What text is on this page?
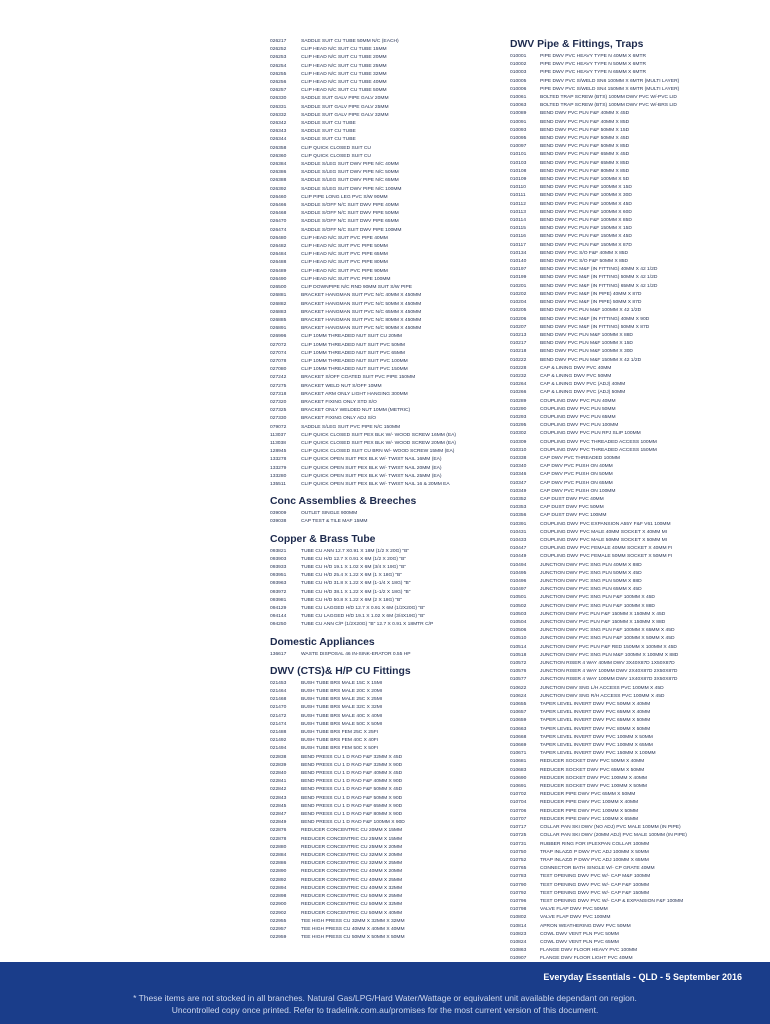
026217	SADDLE SUIT CU TUBE 50MM N/C (EACH)
026252	CLIP HEAD N/C SUIT CU TUBE 15MM
026253	CLIP HEAD N/C SUIT CU TUBE 20MM
026254	CLIP HEAD N/C SUIT CU TUBE 25MM
026255	CLIP HEAD N/C SUIT CU TUBE 32MM
026256	CLIP HEAD N/C SUIT CU TUBE 40MM
026257	CLIP HEAD N/C SUIT CU TUBE 50MM
026330	SADDLE SUIT GALV PIPE GALV 20MM
026331	SADDLE SUIT GALV PIPE GALV 25MM
026332	SADDLE SUIT GALV PIPE GALV 32MM
026342	SADDLE SUIT CU TUBE
026343	SADDLE SUIT CU TUBE
026344	SADDLE SUIT CU TUBE
026358	CLIP QUICK CLOSED SUIT CU
026360	CLIP QUICK CLOSED SUIT CU
026384	SADDLE S/LEG SUIT DWV PIPE N/C 40MM
026386	SADDLE S/LEG SUIT DWV PIPE N/C 50MM
026388	SADDLE S/LEG SUIT DWV PIPE N/C 65MM
026392	SADDLE S/LEG SUIT DWV PIPE N/C 100MM
026460	CLIP PIPE LONG LEG PVC S/W 90MM
026466	SADDLE S/OFF N/C SUIT DWV PIPE 40MM
026468	SADDLE S/OFF N/C SUIT DWV PIPE 50MM
026470	SADDLE S/OFF N/C SUIT DWV PIPE 65MM
026474	SADDLE S/OFF N/C SUIT DWV PIPE 100MM
026480	CLIP HEAD N/C SUIT PVC PIPE 40MM
026482	CLIP HEAD N/C SUIT PVC PIPE 50MM
026484	CLIP HEAD N/C SUIT PVC PIPE 65MM
026488	CLIP HEAD N/C SUIT PVC PIPE 80MM
026489	CLIP HEAD N/C SUIT PVC PIPE 90MM
026490	CLIP HEAD N/C SUIT PVC PIPE 100MM
026500	CLIP DOWNPIPE N/C RND 90MM SUIT S/W PIPE
026881	BRACKET HANGMAN SUIT PVC N/C 40MM X 450MM
026882	BRACKET HANGMAN SUIT PVC N/C 50MM X 450MM
026883	BRACKET HANGMAN SUIT PVC N/C 65MM X 450MM
026885	BRACKET HANGMAN SUIT PVC N/C 80MM X 450MM
026891	BRACKET HANGMAN SUIT PVC N/C 90MM X 450MM
026996	CLIP 10MM THREADED NUT SUIT CU 20MM
027072	CLIP 10MM THREADED NUT SUIT PVC 50MM
027074	CLIP 10MM THREADED NUT SUIT PVC 65MM
027078	CLIP 10MM THREADED NUT SUIT PVC 100MM
027080	CLIP 10MM THREADED NUT SUIT PVC 150MM
027242	BRACKET S/OFF COATED SUIT PVC PIPE 150MM
027275	BRACKET WELD NUT S/OFF 10MM
027318	BRACKET ARM ONLY LIGHT HANGING 300MM
027320	BRACKET FIXING ONLY STD S/O
027325	BRACKET ONLY WELDED NUT 10MM (METRIC)
027330	BRACKET FIXING ONLY ADJ S/O
079072	SADDLE S/LEG SUIT PVC PIPE N/C 150MM
113037	CLIP QUICK CLOSED SUIT PEX BLK W/- WOOD SCREW 16MM (EA)
113038	CLIP QUICK CLOSED SUIT PEX BLK W/- WOOD SCREW 20MM (EA)
128945	CLIP QUICK CLOSED SUIT CU BRN W/- WOOD SCREW 15MM (EA)
133278	CLIP QUICK OPEN SUIT PEX BLK W/- TWIST NAIL 16MM (EA)
133279	CLIP QUICK OPEN SUIT PEX BLK W/- TWIST NAIL 20MM (EA)
133280	CLIP QUICK OPEN SUIT PEX BLK W/- TWIST NAIL 25MM (EA)
135511	CLIP QUICK OPEN SUIT PEX BLK W/- TWIST NAIL 16 & 20MM EA
Conc Assemblies & Breeches
039009	OUTLET SINGLE 900MM
039038	CAP TEST & TILE MAF 15MM
Copper & Brass Tube
093821	TUBE CU ANN 12.7 X0.91 X 18M (1/2 X 20G) "B"
093903	TUBE CU H/D 12.7 X 0.91 X 6M (1/2 X 20G) "B"
093933	TUBE CU H/D 19.1 X 1.02 X 6M (3/4 X 19G) "B"
093951	TUBE CU H/D 25.4 X 1.22 X 6M (1 X 18G) "B"
093963	TUBE CU H/D 31.8 X 1.22 X 6M (1-1/4 X 18G) "B"
093972	TUBE CU H/D 38.1 X 1.22 X 6M (1-1/2 X 18G) "B"
093981	TUBE CU H/D 50.8 X 1.22 X 6M (2 X 18G) "B"
094129	TUBE CU LAGGED H/D 12.7 X 0.91 X 6M (1/2X20G) "B"
094144	TUBE CU LAGGED H/D 19.1 X 1.02 X 6M (3/4X19G) "B"
094250	TUBE CU ANN C/P (1/2X20G) "B" 12.7 X 0.91 X 18MTR C/P
Domestic Appliances
136617	WASTE DISPOSAL 46 IN-SINK-ERATOR 0.55 HP
DWV (CTS)& H/P CU Fittings
021453	BUSH TUBE BRS MALE 15C X 15MI
021464	BUSH TUBE BRS MALE 20C X 20MI
021468	BUSH TUBE BRS MALE 25C X 25MI
021470	BUSH TUBE BRS MALE 32C X 32MI
021472	BUSH TUBE BRS MALE 40C X 40MI
021474	BUSH TUBE BRS MALE 50C X 50MI
021488	BUSH TUBE BRS FEM 25C X 25FI
021492	BUSH TUBE BRS FEM 40C X 40FI
021494	BUSH TUBE BRS FEM 50C X 50FI
022838	BEND PRESS CU 1 D RAD F&F 32MM X 45D
022839	BEND PRESS CU 1 D RAD F&F 32MM X 90D
022840	BEND PRESS CU 1 D RAD F&F 40MM X 45D
022841	BEND PRESS CU 1 D RAD F&F 40MM X 90D
022842	BEND PRESS CU 1 D RAD F&F 50MM X 45D
022843	BEND PRESS CU 1 D RAD F&F 50MM X 90D
022845	BEND PRESS CU 1 D RAD F&F 65MM X 90D
022847	BEND PRESS CU 1 D RAD F&F 80MM X 90D
022849	BEND PRESS CU 1 D RAD F&F 100MM X 90D
022876	REDUCER CONCENTRIC CU 20MM X 15MM
022878	REDUCER CONCENTRIC CU 25MM X 15MM
022880	REDUCER CONCENTRIC CU 25MM X 20MM
022884	REDUCER CONCENTRIC CU 32MM X 20MM
022886	REDUCER CONCENTRIC CU 32MM X 25MM
022890	REDUCER CONCENTRIC CU 40MM X 20MM
022892	REDUCER CONCENTRIC CU 40MM X 25MM
022894	REDUCER CONCENTRIC CU 40MM X 32MM
022898	REDUCER CONCENTRIC CU 50MM X 25MM
022900	REDUCER CONCENTRIC CU 50MM X 32MM
022902	REDUCER CONCENTRIC CU 50MM X 40MM
022955	TEE HIGH PRESS CU 32MM X 32MM X 32MM
022957	TEE HIGH PRESS CU 40MM X 40MM X 40MM
022959	TEE HIGH PRESS CU 50MM X 50MM X 50MM
DWV Pipe & Fittings, Traps
010001	PIPE DWV PVC HEAVY TYPE N 40MM X 6MTR
010002	PIPE DWV PVC HEAVY TYPE N 50MM X 6MTR
010003	PIPE DWV PVC HEAVY TYPE N 65MM X 6MTR
010005	PIPE DWV PVC S/WELD SN6 100MM X 6MTR (MULTI LAYER)
010006	PIPE DWV PVC S/WELD SN4 150MM X 6MTR (MULTI LAYER)
010061	BOLTED TRAP SCREW (BTS) 100MM DWV PVC W/-PVC LID
010063	BOLTED TRAP SCREW (BTS) 100MM DWV PVC W/-BRS LID
010089	BEND DWV PVC PLN F&F 40MM X 45D
010091	BEND DWV PVC PLN F&F 40MM X 85D
010093	BEND DWV PVC PLN F&F 50MM X 15D
010095	BEND DWV PVC PLN F&F 50MM X 45D
010097	BEND DWV PVC PLN F&F 50MM X 85D
010101	BEND DWV PVC PLN F&F 65MM X 45D
010103	BEND DWV PVC PLN F&F 65MM X 85D
010108	BEND DWV PVC PLN F&F 80MM X 85D
010109	BEND DWV PVC PLN F&F 100MM X 5D
010110	BEND DWV PVC PLN F&F 100MM X 15D
010111	BEND DWV PVC PLN F&F 100MM X 30D
010112	BEND DWV PVC PLN F&F 100MM X 45D
010113	BEND DWV PVC PLN F&F 100MM X 60D
010114	BEND DWV PVC PLN F&F 100MM X 85D
010115	BEND DWV PVC PLN F&F 150MM X 15D
010116	BEND DWV PVC PLN F&F 150MM X 45D
010117	BEND DWV PVC PLN F&F 150MM X 87D
010134	BEND DWV PVC S/O F&F 40MM X 85D
010140	BEND DWV PVC S/O F&F 50MM X 85D
010197	BEND DWV PVC M&F (IN FITTING) 40MM X 42 1/2D
010199	BEND DWV PVC M&F (IN FITTING) 50MM X 42 1/2D
010201	BEND DWV PVC M&F (IN FITTING) 65MM X 42 1/2D
010202	BEND DWV PVC M&F (IN PIPE) 40MM X 87D
010204	BEND DWV PVC M&F (IN PIPE) 50MM X 87D
010205	BEND DWV PVC PLN M&F 100MM X 42 1/2D
010206	BEND DWV PVC M&F (IN FITTING) 40MM X 90D
010207	BEND DWV PVC M&F (IN FITTING) 50MM X 87D
010213	BEND DWV PVC PLN M&F 100MM X 88D
010217	BEND DWV PVC PLN M&F 100MM X 15D
010218	BEND DWV PVC PLN M&F 100MM X 30D
010222	BEND DWV PVC PLN M&F 150MM X 42 1/2D
010228	CAP & LINING DWV PVC 40MM
010232	CAP & LINING DWV PVC 50MM
010264	CAP & LINING DWV PVC (ADJ) 40MM
010266	CAP & LINING DWV PVC (ADJ) 50MM
010289	COUPLING DWV PVC PLN 40MM
010290	COUPLING DWV PVC PLN 50MM
010293	COUPLING DWV PVC PLN 65MM
010295	COUPLING DWV PVC PLN 100MM
010302	COUPLING DWV PVC PLN RPJ SLIP 100MM
010309	COUPLING DWV PVC THREADED ACCESS 100MM
010310	COUPLING DWV PVC THREADED ACCESS 150MM
010338	CAP DWV PVC THREADED 100MM
010340	CAP DWV PVC PUSH ON 40MM
010346	CAP DWV PVC PUSH ON 50MM
010347	CAP DWV PVC PUSH ON 65MM
010349	CAP DWV PVC PUSH ON 100MM
010352	CAP DUST DWV PVC 40MM
010353	CAP DUST DWV PVC 50MM
010356	CAP DUST DWV PVC 100MM
010391	COUPLING DWV PVC EXPANSION A55Y F&F V61 100MM
010431	COUPLING DWV PVC MALE 40MM SOCKET X 40MM MI
010433	COUPLING DWV PVC MALE 50MM SOCKET X 50MM MI
010447	COUPLING DWV PVC FEMALE 40MM SOCKET X 40MM FI
010449	COUPLING DWV PVC FEMALE 50MM SOCKET X 50MM FI
010494	JUNCTION DWV PVC SNG PLN 40MM X 88D
010495	JUNCTION DWV PVC SNG PLN 50MM X 45D
010496	JUNCTION DWV PVC SNG PLN 50MM X 88D
010497	JUNCTION DWV PVC SNG PLN 65MM X 45D
010501	JUNCTION DWV PVC SNG PLN F&F 100MM X 45D
010502	JUNCTION DWV PVC SNG PLN F&F 100MM X 88D
010503	JUNCTION DWV PVC PLN F&F 150MM X 150MM X 45D
010504	JUNCTION DWV PVC PLN F&F 150MM X 150MM X 88D
010506	JUNCTION DWV PVC SNG PLN F&F 100MM X 65MM X 45D
010510	JUNCTION DWV PVC SNG PLN F&F 100MM X 50MM X 45D
010514	JUNCTION DWV PVC PLN F&F RED 150MM X 100MM X 45D
010518	JUNCTION DWV PVC SNG PLN M&F 100MM X 100MM X 88D
010572	JUNCTION RISER 4 WAY 40MM DWV 3X40X87D 1X50X87D
010576	JUNCTION RISER 4 WAY 100MM DWV 2X40X87D 2X50X87D
010577	JUNCTION RISER 4 WAY 100MM DWV 1X40X87D 3X50X87D
010622	JUNCTION DWV SNG L/H ACCESS PVC 100MM X 45D
010624	JUNCTION DWV SNG R/H ACCESS PVC 100MM X 45D
010655	TAPER LEVEL INVERT DWV PVC 50MM X 40MM
010657	TAPER LEVEL INVERT DWV PVC 65MM X 40MM
010659	TAPER LEVEL INVERT DWV PVC 65MM X 50MM
010663	TAPER LEVEL INVERT DWV PVC 80MM X 50MM
010668	TAPER LEVEL INVERT DWV PVC 100MM X 50MM
010669	TAPER LEVEL INVERT DWV PVC 100MM X 65MM
010671	TAPER LEVEL INVERT DWV PVC 150MM X 100MM
010681	REDUCER SOCKET DWV PVC 50MM X 40MM
010683	REDUCER SOCKET DWV PVC 65MM X 50MM
010690	REDUCER SOCKET DWV PVC 100MM X 40MM
010691	REDUCER SOCKET DWV PVC 100MM X 50MM
010702	REDUCER PIPE DWV PVC 65MM X 50MM
010704	REDUCER PIPE DWV PVC 100MM X 40MM
010706	REDUCER PIPE DWV PVC 100MM X 50MM
010707	REDUCER PIPE DWV PVC 100MM X 65MM
010717	COLLAR PAN SKI DWV (NO ADJ) PVC MALE 100MM (IN PIPE)
010725	COLLAR PAN SKI DWV (20MM ADJ) PVC MALE 100MM (IN PIPE)
010731	RUBBER RING FOR IPLEXPAN COLLAR 100MM
010750	TRAP INLAZZI P DWV PVC ADJ 100MM X 50MM
010752	TRAP INLAZZI P DWV PVC ADJ 100MM X 65MM
010765	CONNECTOR BATH SINGLE W/- CP GRATE 40MM
010783	TEST OPENING DWV PVC W/- CAP M&F 100MM
010790	TEST OPENING DWV PVC W/- CAP F&F 100MM
010792	TEST OPENING DWV PVC W/- CAP F&F 150MM
010796	TEST OPENING DWV PVC W/- CAP & EXPANSION F&F 100MM
010798	VALVE FLAP DWV PVC 50MM
010802	VALVE FLAP DWV PVC 100MM
010814	APRON WEATHERING DWV PVC 50MM
010823	COWL DWV VENT PLN PVC 50MM
010824	COWL DWV VENT PLN PVC 65MM
010863	FLANGE DWV FLOOR HEAVY PVC 100MM
010907	FLANGE DWV FLOOR LIGHT PVC 40MM
Everyday Essentials - QLD - 5 September 2016
* These items are not stocked in all branches. Natural Gas/LPG/Hard Water/Wattage or equivalent unit available dependant on region.
Uncontrolled copy once printed. Refer to tradelink.com.au/promises for the most current version of this document.
